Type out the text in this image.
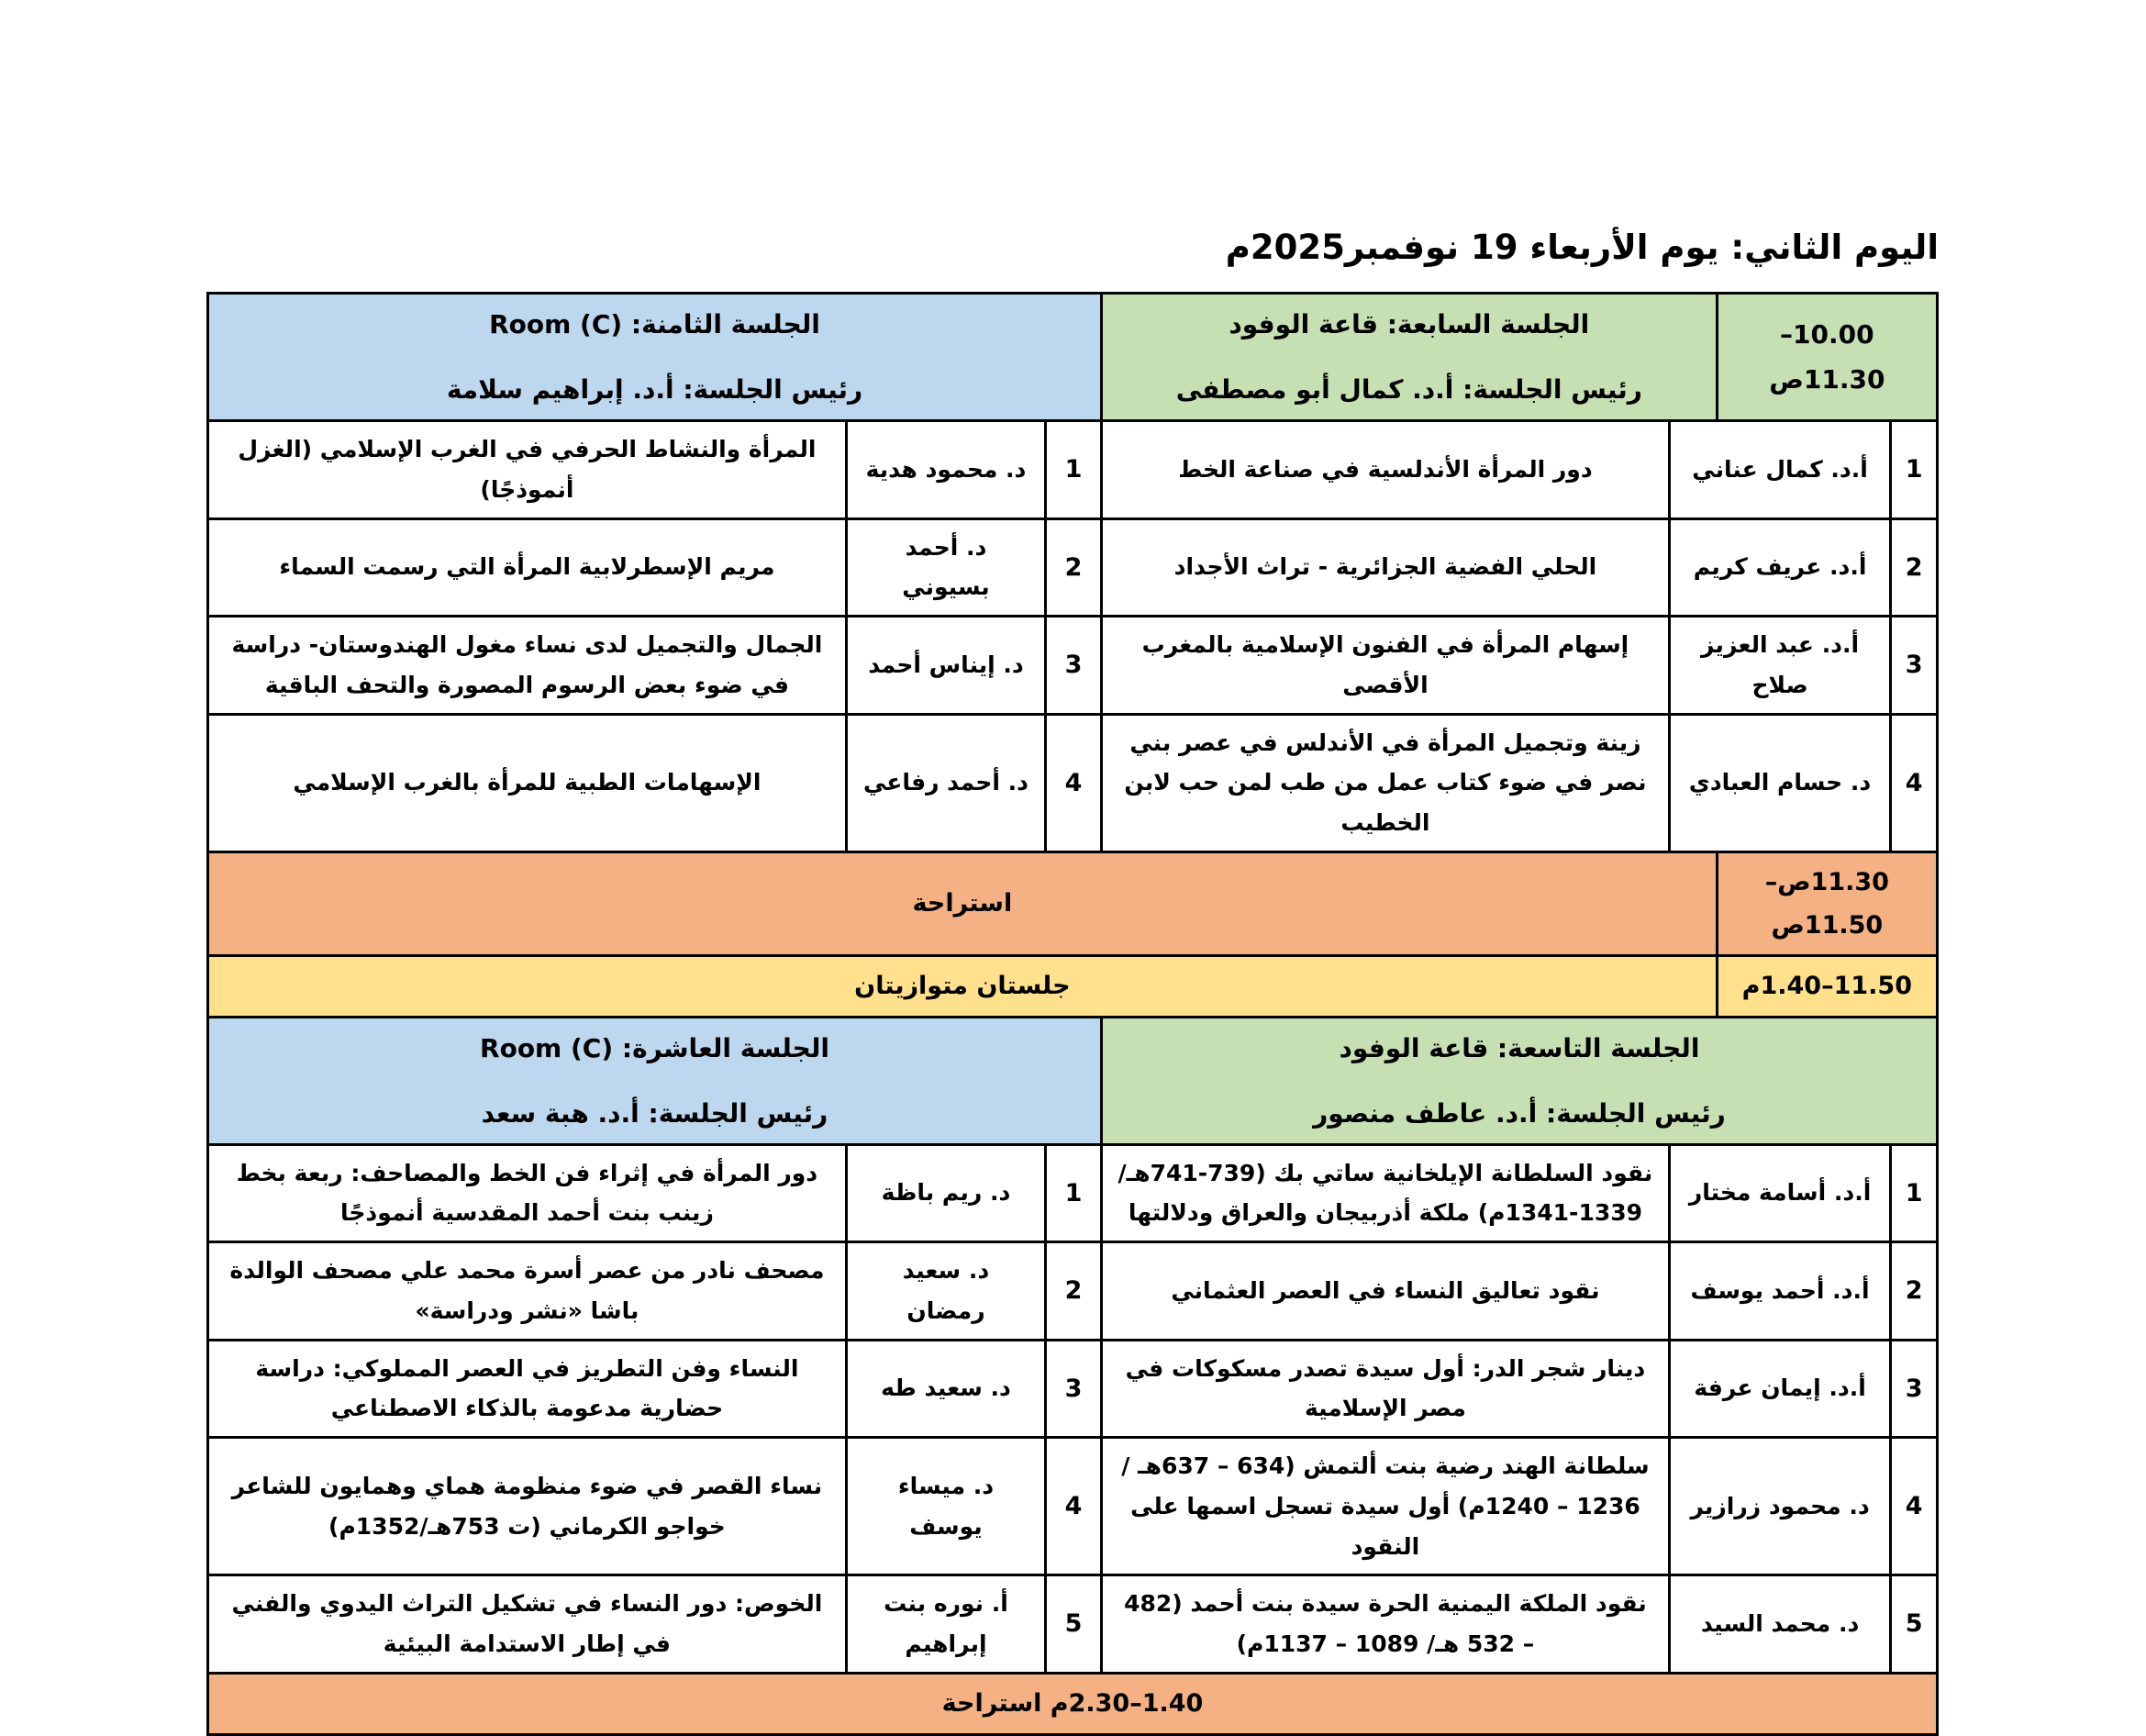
اليوم الثاني: يوم الأربعاء 19 نوفمبر2025م
10.00–11.30ص
الجلسة السابعة: قاعة الوفود
رئيس الجلسة: أ.د. كمال أبو مصطفى
الجلسة الثامنة: Room (C)
رئيس الجلسة: أ.د. إبراهيم سلامة
1
أ.د. كمال عناني
دور المرأة الأندلسية في صناعة الخط
1
د. محمود هدية
المرأة والنشاط الحرفي في الغرب الإسلامي (الغزل أنموذجًا)
2
أ.د. عريف كريم
الحلي الفضية الجزائرية - تراث الأجداد
2
د. أحمد بسيوني
مريم الإسطرلابية المرأة التي رسمت السماء
3
أ.د. عبد العزيز صلاح
إسهام المرأة في الفنون الإسلامية بالمغرب الأقصى
3
د. إيناس أحمد
الجمال والتجميل لدى نساء مغول الهندوستان- دراسة في ضوء بعض الرسوم المصورة والتحف الباقية
4
د. حسام العبادي
زينة وتجميل المرأة في الأندلس في عصر بني نصر في ضوء كتاب عمل من طب لمن حب لابن الخطيب
4
د. أحمد رفاعي
الإسهامات الطبية للمرأة بالغرب الإسلامي
11.30ص–11.50ص
استراحة
11.50–1.40م
جلستان متوازيتان
الجلسة التاسعة: قاعة الوفود
رئيس الجلسة: أ.د. عاطف منصور
الجلسة العاشرة: Room (C)
رئيس الجلسة: أ.د. هبة سعد
1
أ.د. أسامة مختار
نقود السلطانة الإيلخانية ساتي بك (739-741هـ/ 1339-1341م) ملكة أذربيجان والعراق ودلالتها
1
د. ريم باظة
دور المرأة في إثراء فن الخط والمصاحف: ربعة بخط زينب بنت أحمد المقدسية أنموذجًا
2
أ.د. أحمد يوسف
نقود تعاليق النساء في العصر العثماني
2
د. سعيد رمضان
مصحف نادر من عصر أسرة محمد علي مصحف الوالدة باشا «نشر ودراسة»
3
أ.د. إيمان عرفة
دينار شجر الدر: أول سيدة تصدر مسكوكات في مصر الإسلامية
3
د. سعيد طه
النساء وفن التطريز في العصر المملوكي: دراسة حضارية مدعومة بالذكاء الاصطناعي
4
د. محمود زرازير
سلطانة الهند رضية بنت ألتمش (634 – 637هـ / 1236 – 1240م) أول سيدة تسجل اسمها على النقود
4
د. ميساء يوسف
نساء القصر في ضوء منظومة هماي وهمايون للشاعر خواجو الكرماني (ت 753هـ/1352م)
5
د. محمد السيد
نقود الملكة اليمنية الحرة سيدة بنت أحمد (482 – 532 هـ/ 1089 – 1137م)
5
أ. نوره بنت إبراهيم
الخوص: دور النساء في تشكيل التراث اليدوي والفني في إطار الاستدامة البيئية
1.40–2.30م استراحة
